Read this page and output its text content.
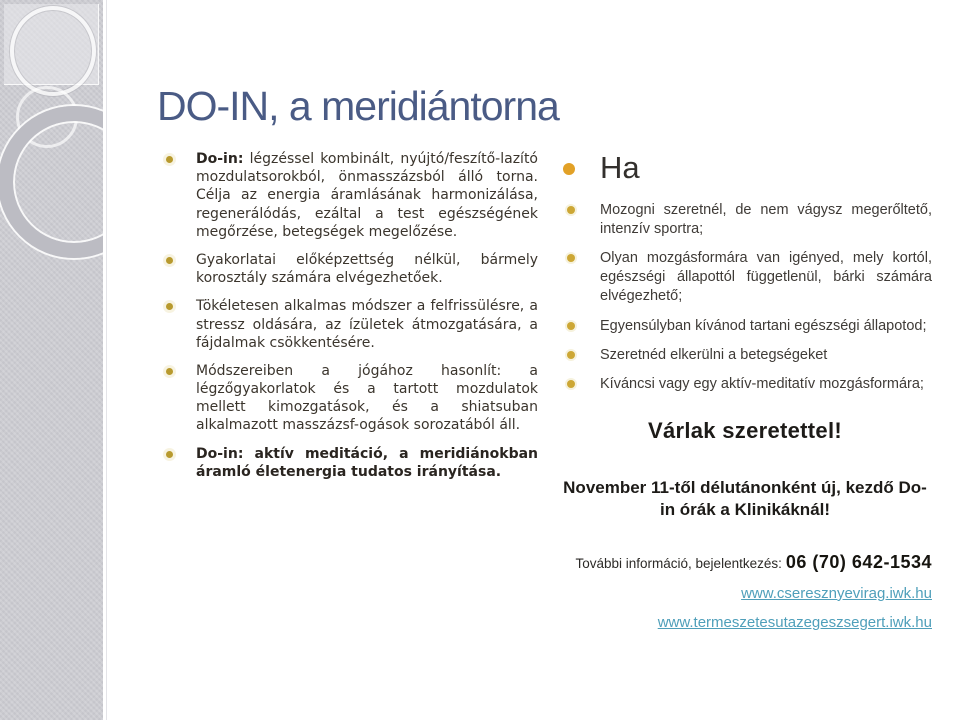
DO-IN, a meridiántorna
Do-in: légzéssel kombinált, nyújtó/feszítő-lazító mozdulatsorokból, önmasszázsból álló torna. Célja az energia áramlásának harmonizálása, regenerálódás, ezáltal a test egészségének megőrzése, betegségek megelőzése.
Gyakorlatai előképzettség nélkül, bármely korosztály számára elvégezhetőek.
Tökéletesen alkalmas módszer a felfrissülésre, a stressz oldására, az ízületek átmozgatására, a fájdalmak csökkentésére.
Módszereiben a jógához hasonlít: a légzőgyakorlatok és a tartott mozdulatok mellett kimozgatások, és a shiatsuban alkalmazott masszázsf-ogások sorozatából áll.
Do-in: aktív meditáció, a meridiánokban áramló életenergia tudatos irányítása.
Ha
Mozogni szeretnél, de nem vágysz megerőltető, intenzív sportra;
Olyan mozgásformára van igényed, mely kortól, egészségi állapottól függetlenül, bárki számára elvégezhető;
Egyensúlyban kívánod tartani egészségi állapotod;
Szeretnéd elkerülni a betegségeket
Kíváncsi vagy egy aktív-meditatív mozgásformára;
Várlak szeretettel!
November 11-től délutánonként új, kezdő Do-in órák a Klinikáknál!
További információ, bejelentkezés: 06 (70) 642-1534
www.cseresznyevirag.iwk.hu
www.termeszetesutazegeszsegert.iwk.hu
